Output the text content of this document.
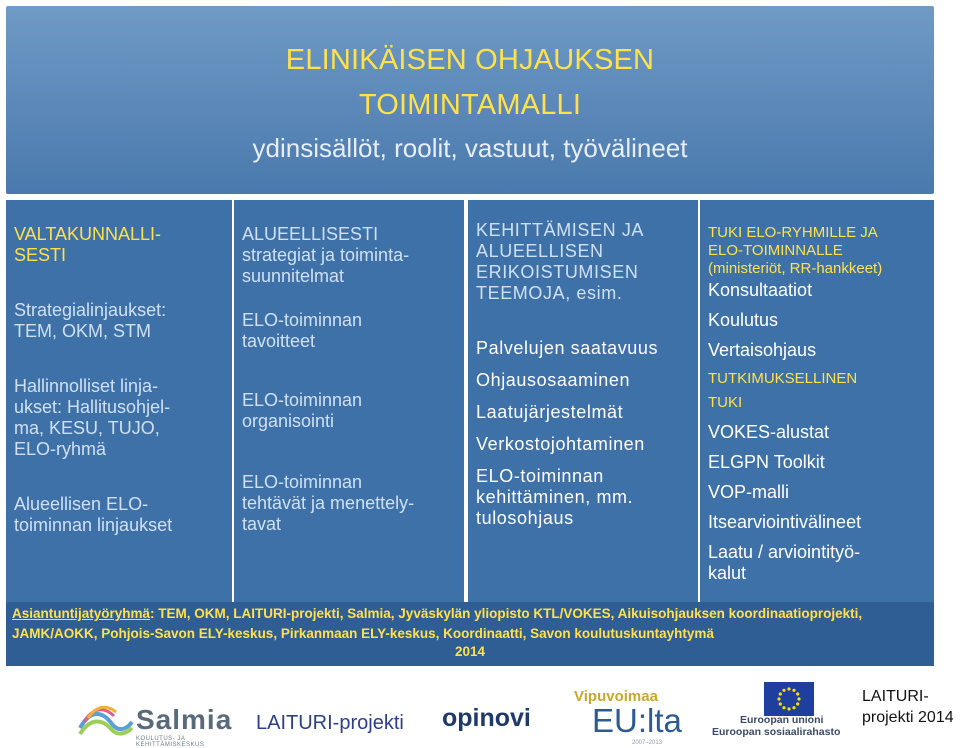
ELINIKÄISEN OHJAUKSEN
TOIMINTAMALLI
ydinsisällöt, roolit, vastuut, työvälineet
VALTAKUNNALLI-
SESTI
Strategialinjaukset:
TEM, OKM, STM
Hallinnolliset linja-
ukset: Hallitusohjel-
ma, KESU, TUJO,
ELO-ryhmä
Alueellisen ELO-
toiminnan linjaukset
ALUEELLISESTI
strategiat ja toiminta-
suunnitelmat
ELO-toiminnan
tavoitteet
ELO-toiminnan
organisointi
ELO-toiminnan
tehtävät ja menettely-
tavat
KEHITTÄMISEN JA
ALUEELLISEN
ERIKOISTUMISEN
TEEMOJA, esim.
Palvelujen saatavuus
Ohjausosaaminen
Laatujärjestelmät
Verkostojohtaminen
ELO-toiminnan
kehittäminen, mm.
tulosohjaus
TUKI ELO-RYHMILLE JA
ELO-TOIMINNALLE
(ministeriöt, RR-hankkeet)
Konsultaatiot
Koulutus
Vertaisohjaus
TUTKIMUKSELLINEN
TUKI
VOKES-alustat
ELGPN Toolkit
VOP-malli
Itsearviointivälineet
Laatu / arviointityö-
kalut
Asiantuntijatyöryhmä: TEM, OKM, LAITURI-projekti, Salmia, Jyväskylän yliopisto KTL/VOKES, Aikuisohjauksen koordinaatioprojekti,
JAMK/AOKK, Pohjois-Savon ELY-keskus, Pirkanmaan ELY-keskus, Koordinaatti, Savon koulutuskuntayhtymä
2014
Salmia
KOULUTUS- JA KEHITTÄMISKESKUS
LAITURI-projekti opinovi
Vipuvoimaa
EU:lta
2007–2013
Euroopan unioni
Euroopan sosiaalirahasto
LAITURI-
projekti 2014
